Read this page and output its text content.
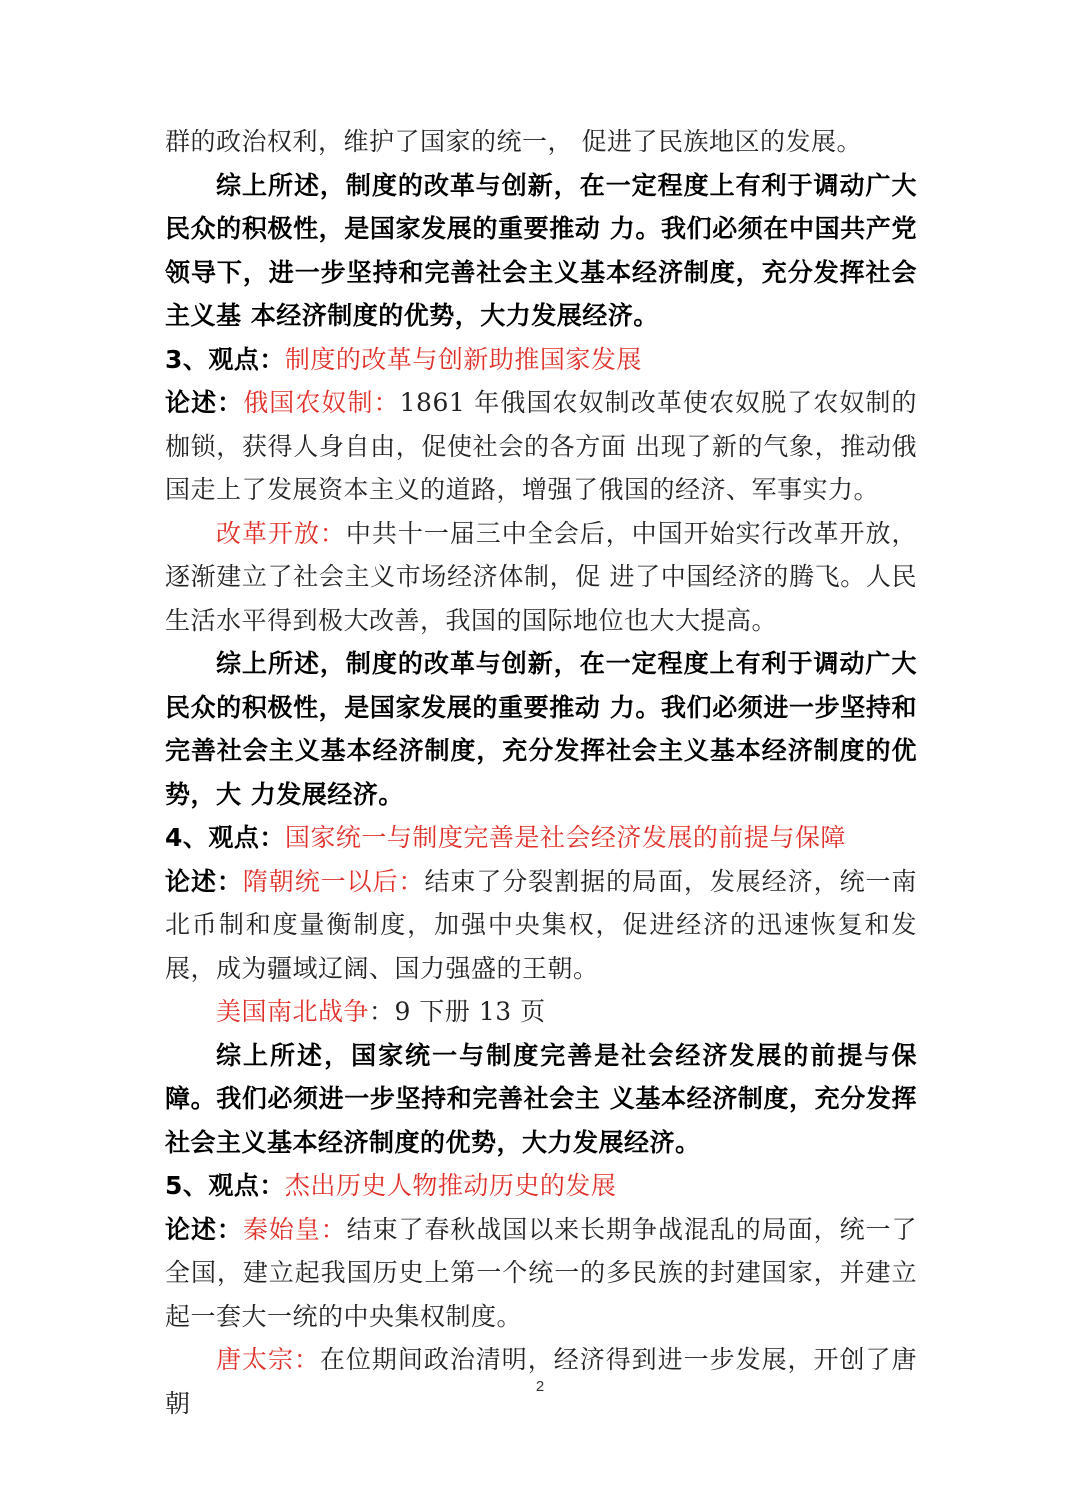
群的政治权利，维护了国家的统一， 促进了民族地区的发展。

综上所述，制度的改革与创新，在一定程度上有利于调动广大民众的积极性，是国家发展的重要推动 力。我们必须在中国共产党领导下，进一步坚持和完善社会主义基本经济制度，充分发挥社会主义基 本经济制度的优势，大力发展经济。

3、观点：制度的改革与创新助推国家发展

论述：俄国农奴制：1861 年俄国农奴制改革使农奴脱了农奴制的枷锁，获得人身自由，促使社会的各方面 出现了新的气象，推动俄国走上了发展资本主义的道路，增强了俄国的经济、军事实力。

改革开放：中共十一届三中全会后，中国开始实行改革开放，逐渐建立了社会主义市场经济体制，促 进了中国经济的腾飞。人民生活水平得到极大改善，我国的国际地位也大大提高。

综上所述，制度的改革与创新，在一定程度上有利于调动广大民众的积极性，是国家发展的重要推动 力。我们必须进一步坚持和完善社会主义基本经济制度，充分发挥社会主义基本经济制度的优势，大 力发展经济。

4、观点：国家统一与制度完善是社会经济发展的前提与保障

论述：隋朝统一以后：结束了分裂割据的局面，发展经济，统一南北币制和度量衡制度，加强中央集权，促进经济的迅速恢复和发展，成为疆域辽阔、国力强盛的王朝。

美国南北战争：9 下册 13 页

综上所述，国家统一与制度完善是社会经济发展的前提与保障。我们必须进一步坚持和完善社会主 义基本经济制度，充分发挥社会主义基本经济制度的优势，大力发展经济。

5、观点：杰出历史人物推动历史的发展

论述：秦始皇：结束了春秋战国以来长期争战混乱的局面，统一了全国，建立起我国历史上第一个统一的多民族的封建国家，并建立起一套大一统的中央集权制度。

唐太宗：在位期间政治清明，经济得到进一步发展，开创了唐朝

2
